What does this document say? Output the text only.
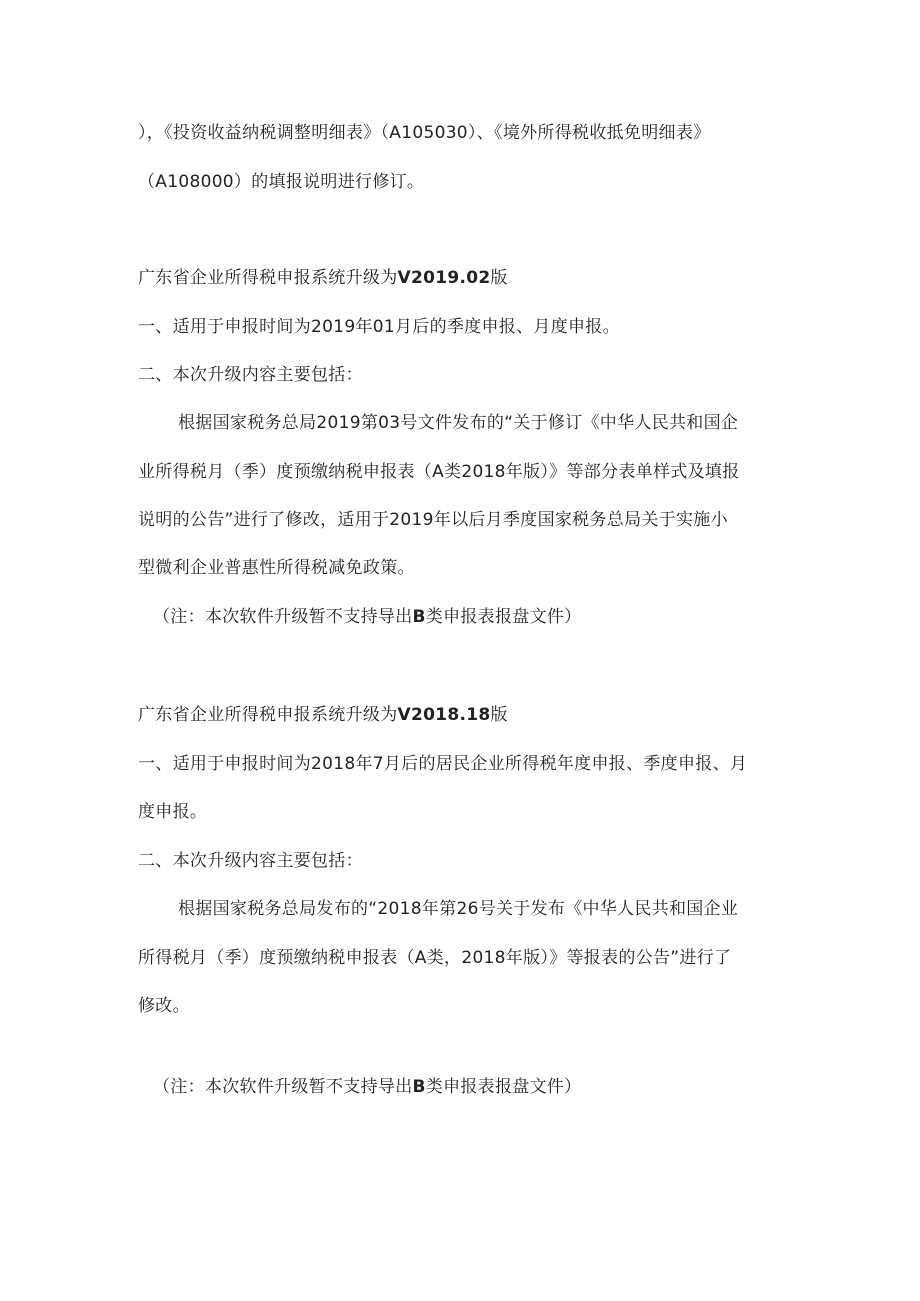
），《投资收益纳税调整明细表》（A105030）、《境外所得税收抵免明细表》
（A108000）的填报说明进行修订。
广东省企业所得税申报系统升级为V2019.02版
一、适用于申报时间为2019年01月后的季度申报、月度申报。
二、本次升级内容主要包括：
根据国家税务总局2019第03号文件发布的“关于修订《中华人民共和国企
业所得税月（季）度预缴纳税申报表（A类2018年版）》等部分表单样式及填报
说明的公告”进行了修改，适用于2019年以后月季度国家税务总局关于实施小
型微利企业普惠性所得税减免政策。
（注：本次软件升级暂不支持导出B类申报表报盘文件）
广东省企业所得税申报系统升级为V2018.18版
一、适用于申报时间为2018年7月后的居民企业所得税年度申报、季度申报、月
度申报。
二、本次升级内容主要包括：
根据国家税务总局发布的“2018年第26号关于发布《中华人民共和国企业
所得税月（季）度预缴纳税申报表（A类，2018年版）》等报表的公告”进行了
修改。
（注：本次软件升级暂不支持导出B类申报表报盘文件）
